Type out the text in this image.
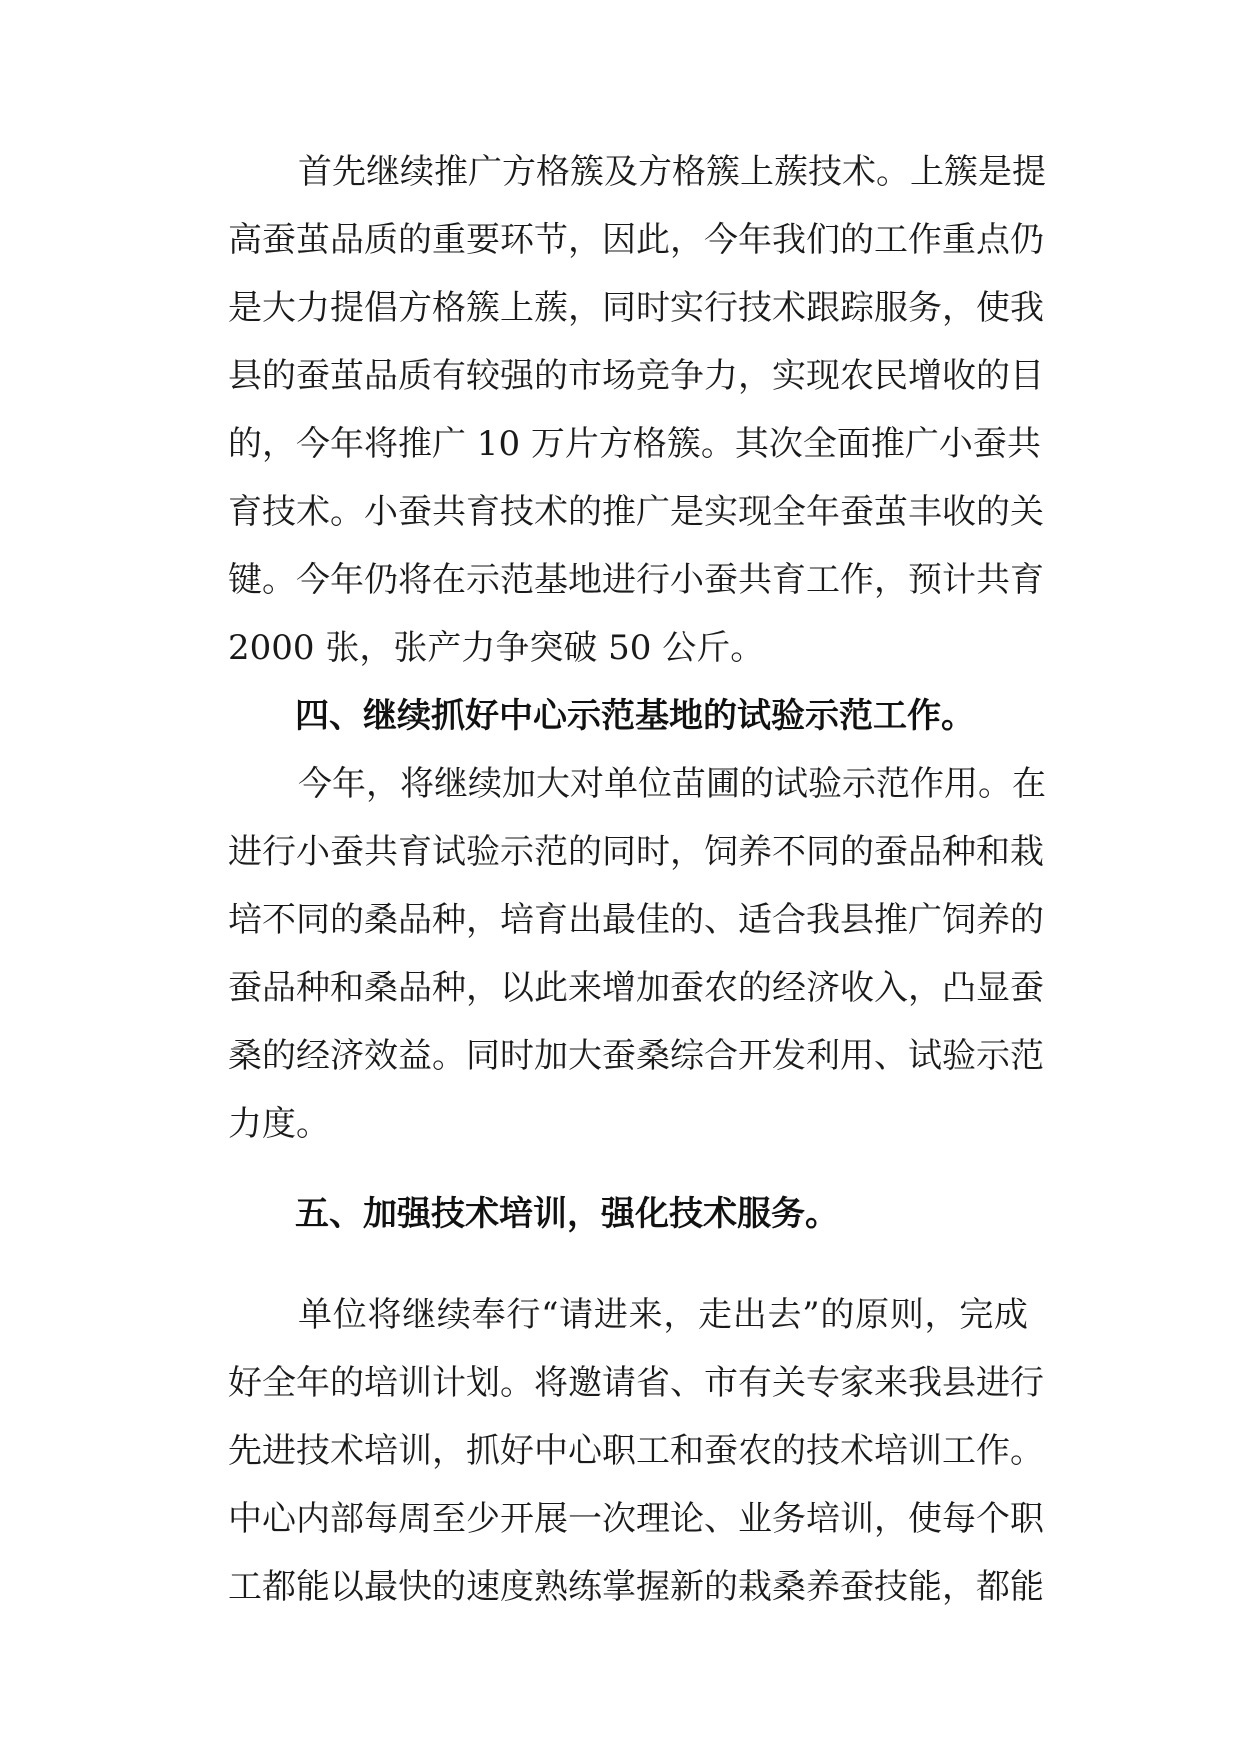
首先继续推广方格簇及方格簇上蔟技术。上簇是提

高蚕茧品质的重要环节，因此，今年我们的工作重点仍

是大力提倡方格簇上蔟，同时实行技术跟踪服务，使我

县的蚕茧品质有较强的市场竞争力，实现农民增收的目

的，今年将推广 10 万片方格簇。其次全面推广小蚕共

育技术。小蚕共育技术的推广是实现全年蚕茧丰收的关

键。今年仍将在示范基地进行小蚕共育工作，预计共育

2000 张，张产力争突破 50 公斤。

四、继续抓好中心示范基地的试验示范工作。

今年，将继续加大对单位苗圃的试验示范作用。在

进行小蚕共育试验示范的同时，饲养不同的蚕品种和栽

培不同的桑品种，培育出最佳的、适合我县推广饲养的

蚕品种和桑品种，以此来增加蚕农的经济收入，凸显蚕

桑的经济效益。同时加大蚕桑综合开发利用、试验示范

力度。

五、加强技术培训，强化技术服务。

单位将继续奉行“请进来，走出去”的原则，完成

好全年的培训计划。将邀请省、市有关专家来我县进行

先进技术培训，抓好中心职工和蚕农的技术培训工作。

中心内部每周至少开展一次理论、业务培训，使每个职

工都能以最快的速度熟练掌握新的栽桑养蚕技能，都能
